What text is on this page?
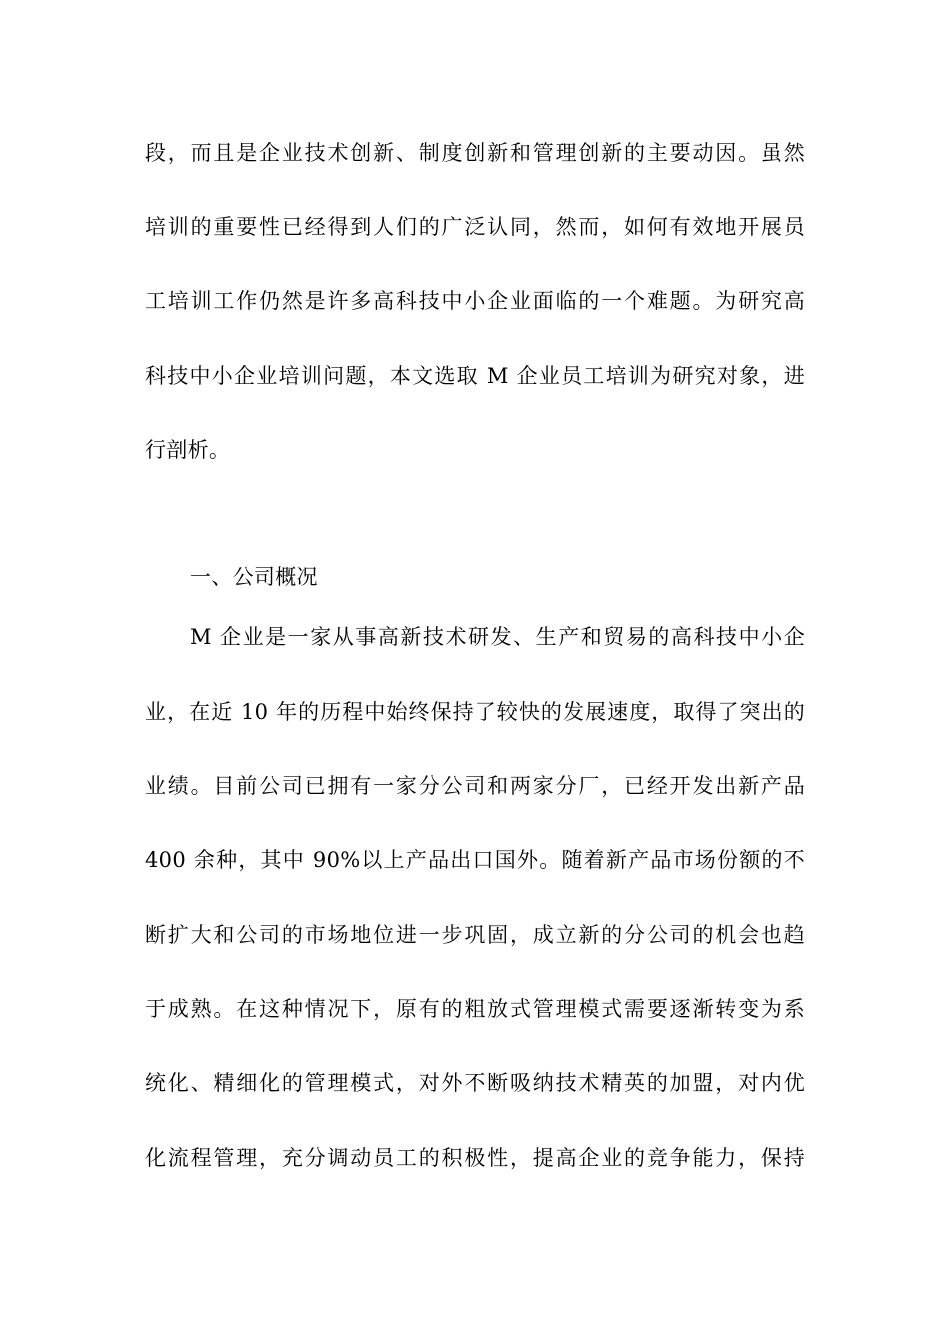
段，而且是企业技术创新、制度创新和管理创新的主要动因。虽然
培训的重要性已经得到人们的广泛认同，然而，如何有效地开展员
工培训工作仍然是许多高科技中小企业面临的一个难题。为研究高
科技中小企业培训问题，本文选取 M 企业员工培训为研究对象，进
行剖析。
一、公司概况
M 企业是一家从事高新技术研发、生产和贸易的高科技中小企
业，在近 10 年的历程中始终保持了较快的发展速度，取得了突出的
业绩。目前公司已拥有一家分公司和两家分厂，已经开发出新产品
400 余种，其中 90%以上产品出口国外。随着新产品市场份额的不
断扩大和公司的市场地位进一步巩固，成立新的分公司的机会也趋
于成熟。在这种情况下，原有的粗放式管理模式需要逐渐转变为系
统化、精细化的管理模式，对外不断吸纳技术精英的加盟，对内优
化流程管理，充分调动员工的积极性，提高企业的竞争能力，保持
